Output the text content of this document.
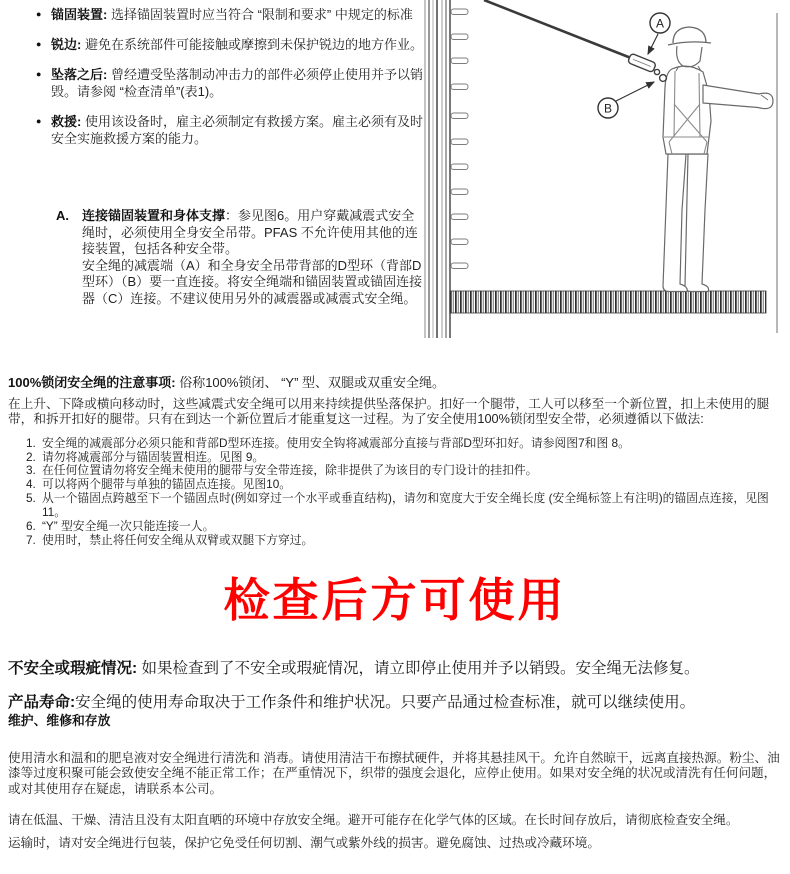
● 锚固装置: 选择锚固装置时应当符合 “限制和要求” 中规定的标准
● 锐边: 避免在系统部件可能接触或摩擦到未保护锐边的地方作业。
● 坠落之后: 曾经遭受坠落制动冲击力的部件必须停止使用并予以销毁。请参阅 “检查清单”(表1)。
● 救援: 使用该设备时，雇主必须制定有救援方案。雇主必须有及时安全实施救援方案的能力。
A.	连接锚固装置和身体支撑：参见图6。用户穿戴减震式安全绳时，必须使用全身安全吊带。PFAS 不允许使用其他的连接装置，包括各种安全带。

安全绳的减震端（A）和全身安全吊带背部的D型环（背部D型环）（B）要一直连接。将安全绳端和锚固装置或锚固连接器（C）连接。不建议使用另外的减震器或减震式安全绳。

A
B

100%锁闭安全绳的注意事项: 俗称100%锁闭、 “Y” 型、双腿或双重安全绳。

在上升、下降或横向移动时，这些减震式安全绳可以用来持续提供坠落保护。扣好一个腿带，工人可以移至一个新位置，扣上未使用的腿带，和拆开扣好的腿带。只有在到达一个新位置后才能重复这一过程。为了安全使用100%锁闭型安全带，必须遵循以下做法:

1. 安全绳的减震部分必须只能和背部D型环连接。使用安全钩将减震部分直接与背部D型环扣好。请参阅图7和图 8。
2. 请勿将减震部分与锚固装置相连。见图 9。
3. 在任何位置请勿将安全绳未使用的腿带与安全带连接，除非提供了为该目的专门设计的挂扣件。
4. 可以将两个腿带与单独的锚固点连接。见图10。
5. 从一个锚固点跨越至下一个锚固点时(例如穿过一个水平或垂直结构)，请勿和宽度大于安全绳长度 (安全绳标签上有注明)的锚固点连接，见图11。
6. “Y” 型安全绳一次只能连接一人。
7. 使用时，禁止将任何安全绳从双臂或双腿下方穿过。
检查后方可使用

不安全或瑕疵情况: 如果检查到了不安全或瑕疵情况，请立即停止使用并予以销毁。安全绳无法修复。

产品寿命:安全绳的使用寿命取决于工作条件和维护状况。只要产品通过检查标准，就可以继续使用。

维护、维修和存放

使用清水和温和的肥皂液对安全绳进行清洗和 消毒。请使用清洁干布擦拭硬件，并将其悬挂风干。允许自然晾干，远离直接热源。粉尘、油漆等过度积聚可能会致使安全绳不能正常工作；在严重情况下，织带的强度会退化，应停止使用。如果对安全绳的状况或清洗有任何问题，或对其使用存在疑虑，请联系本公司。

请在低温、干燥、清洁且没有太阳直晒的环境中存放安全绳。避开可能存在化学气体的区域。在长时间存放后，请彻底检查安全绳。

运输时，请对安全绳进行包装，保护它免受任何切割、潮气或紫外线的损害。避免腐蚀、过热或冷藏环境。
